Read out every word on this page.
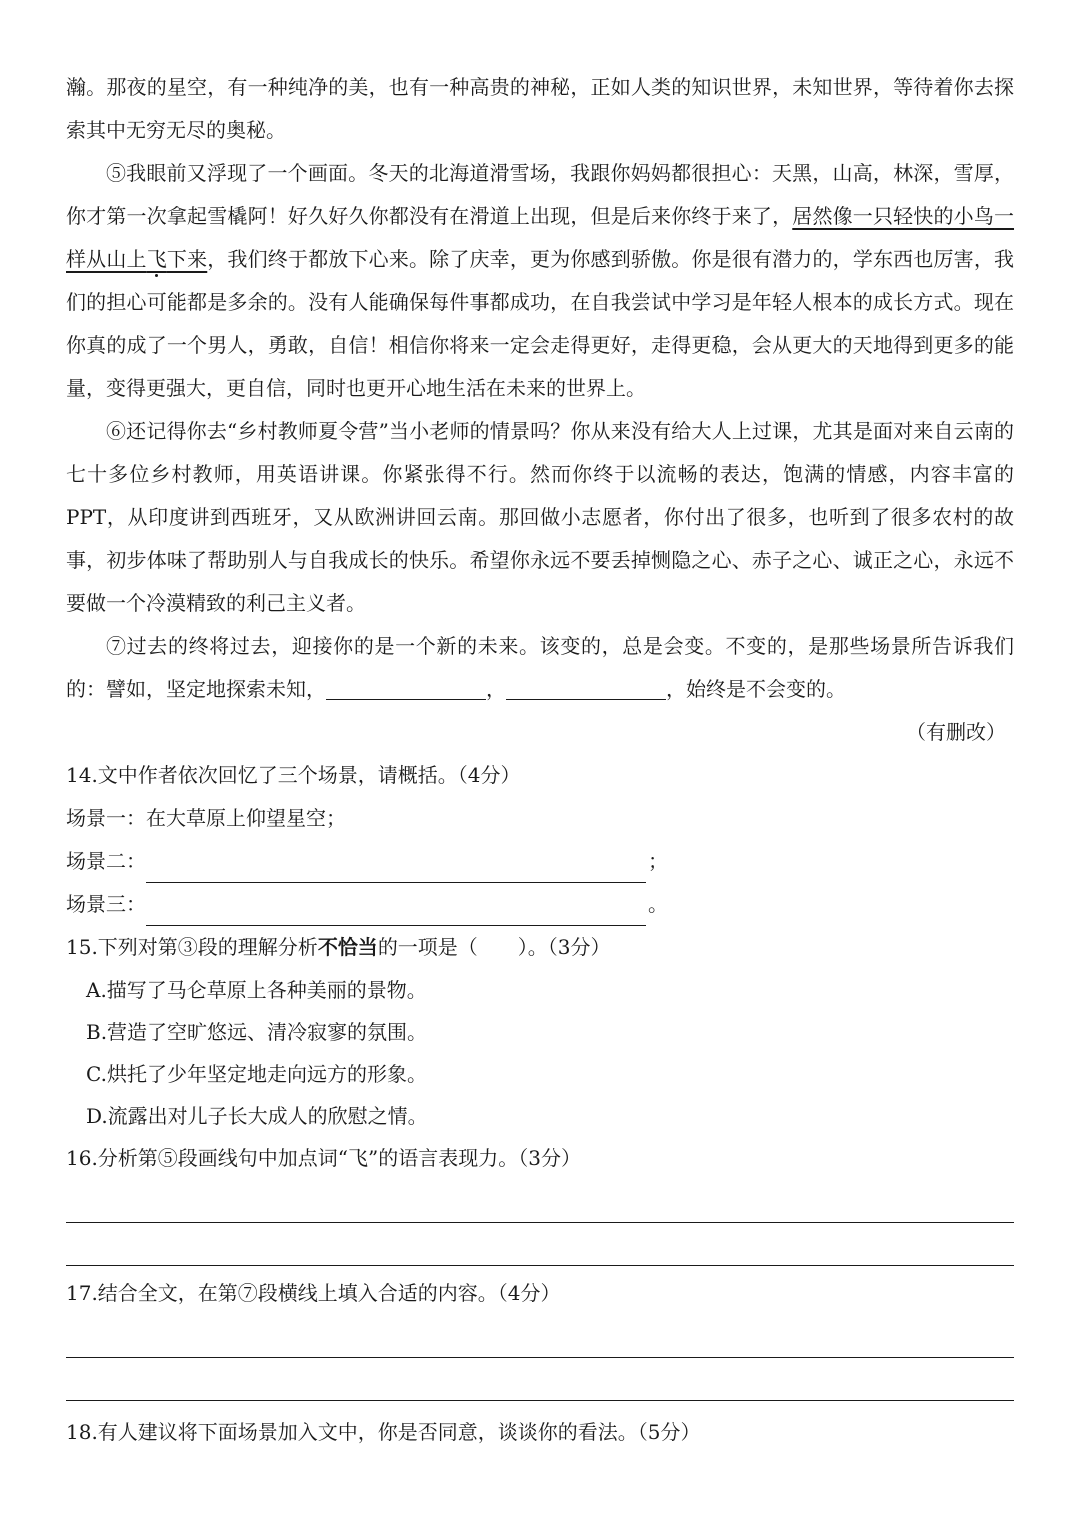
瀚。那夜的星空，有一种纯净的美，也有一种高贵的神秘，正如人类的知识世界，未知世界，等待着你去探索其中无穷无尽的奥秘。

⑤我眼前又浮现了一个画面。冬天的北海道滑雪场，我跟你妈妈都很担心：天黑，山高，林深，雪厚，你才第一次拿起雪橇阿！好久好久你都没有在滑道上出现，但是后来你终于来了，居然像一只轻快的小鸟一样从山上飞下来，我们终于都放下心来。除了庆幸，更为你感到骄傲。你是很有潜力的，学东西也厉害，我们的担心可能都是多余的。没有人能确保每件事都成功，在自我尝试中学习是年轻人根本的成长方式。现在你真的成了一个男人，勇敢，自信！相信你将来一定会走得更好，走得更稳，会从更大的天地得到更多的能量，变得更强大，更自信，同时也更开心地生活在未来的世界上。

⑥还记得你去“乡村教师夏令营”当小老师的情景吗？你从来没有给大人上过课，尤其是面对来自云南的七十多位乡村教师，用英语讲课。你紧张得不行。然而你终于以流畅的表达，饱满的情感，内容丰富的 PPT，从印度讲到西班牙，又从欧洲讲回云南。那回做小志愿者，你付出了很多，也听到了很多农村的故事，初步体味了帮助别人与自我成长的快乐。希望你永远不要丢掉恻隐之心、赤子之心、诚正之心，永远不要做一个冷漠精致的利己主义者。

⑦过去的终将过去，迎接你的是一个新的未来。该变的，总是会变。不变的，是那些场景所告诉我们的：譬如，坚定地探索未知，	，	，始终是不会变的。

（有删改）

14.文中作者依次回忆了三个场景，请概括。（4分）

场景一：在大草原上仰望星空；

场景二：	；
场景三：	。

15.下列对第③段的理解分析不恰当的一项是（　　）。（3分）

A.描写了马仑草原上各种美丽的景物。

B.营造了空旷悠远、清冷寂寥的氛围。

C.烘托了少年坚定地走向远方的形象。

D.流露出对儿子长大成人的欣慰之情。

16.分析第⑤段画线句中加点词“飞”的语言表现力。（3分）

17.结合全文，在第⑦段横线上填入合适的内容。（4分）

18.有人建议将下面场景加入文中，你是否同意，谈谈你的看法。（5分）
